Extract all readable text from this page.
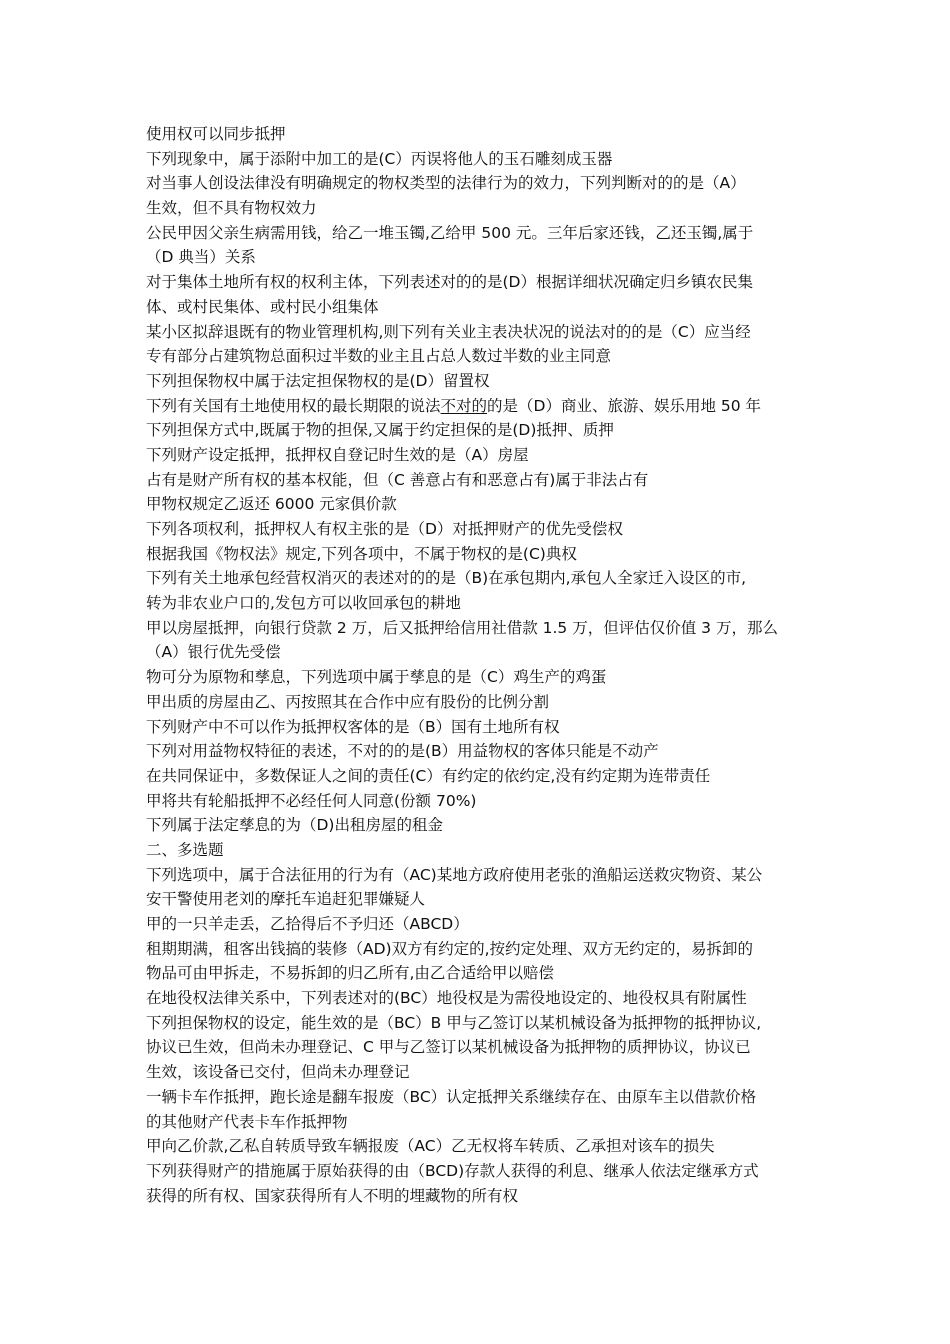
使用权可以同步抵押
下列现象中，属于添附中加工的是(C）丙误将他人的玉石雕刻成玉器
对当事人创设法律没有明确规定的物权类型的法律行为的效力，下列判断对的的是（A）
生效，但不具有物权效力
公民甲因父亲生病需用钱，给乙一堆玉镯,乙给甲 500 元。三年后家还钱，乙还玉镯,属于
（D 典当）关系
对于集体土地所有权的权利主体，下列表述对的的是(D）根据详细状况确定归乡镇农民集
体、或村民集体、或村民小组集体
某小区拟辞退既有的物业管理机构,则下列有关业主表决状况的说法对的的是（C）应当经
专有部分占建筑物总面积过半数的业主且占总人数过半数的业主同意
下列担保物权中属于法定担保物权的是(D）留置权
下列有关国有土地使用权的最长期限的说法不对的的是（D）商业、旅游、娱乐用地 50 年
下列担保方式中,既属于物的担保,又属于约定担保的是(D)抵押、质押
下列财产设定抵押，抵押权自登记时生效的是（A）房屋
占有是财产所有权的基本权能，但（C 善意占有和恶意占有)属于非法占有
甲物权规定乙返还 6000 元家俱价款
下列各项权利，抵押权人有权主张的是（D）对抵押财产的优先受偿权
根据我国《物权法》规定,下列各项中，不属于物权的是(C)典权
下列有关土地承包经营权消灭的表述对的的是（B)在承包期内,承包人全家迁入设区的市,
转为非农业户口的,发包方可以收回承包的耕地
甲以房屋抵押，向银行贷款 2 万，后又抵押给信用社借款 1.5 万，但评估仅价值 3 万，那么
（A）银行优先受偿
物可分为原物和孳息，下列选项中属于孳息的是（C）鸡生产的鸡蛋
甲出质的房屋由乙、丙按照其在合作中应有股份的比例分割
下列财产中不可以作为抵押权客体的是（B）国有土地所有权
下列对用益物权特征的表述，不对的的是(B）用益物权的客体只能是不动产
在共同保证中，多数保证人之间的责任(C）有约定的依约定,没有约定期为连带责任
甲将共有轮船抵押不必经任何人同意(份额 70%)
下列属于法定孳息的为（D)出租房屋的租金
二、多选题
下列选项中，属于合法征用的行为有（AC)某地方政府使用老张的渔船运送救灾物资、某公
安干警使用老刘的摩托车追赶犯罪嫌疑人
甲的一只羊走丢，乙拾得后不予归还（ABCD）
租期期满，租客出钱搞的装修（AD)双方有约定的,按约定处理、双方无约定的，易拆卸的
物品可由甲拆走，不易拆卸的归乙所有,由乙合适给甲以赔偿
在地役权法律关系中，下列表述对的(BC）地役权是为需役地设定的、地役权具有附属性
下列担保物权的设定，能生效的是（BC）B 甲与乙签订以某机械设备为抵押物的抵押协议,
协议已生效，但尚未办理登记、C 甲与乙签订以某机械设备为抵押物的质押协议，协议已
生效，该设备已交付，但尚未办理登记
一辆卡车作抵押，跑长途是翻车报废（BC）认定抵押关系继续存在、由原车主以借款价格
的其他财产代表卡车作抵押物
甲向乙价款,乙私自转质导致车辆报废（AC）乙无权将车转质、乙承担对该车的损失
下列获得财产的措施属于原始获得的由（BCD)存款人获得的利息、继承人依法定继承方式
获得的所有权、国家获得所有人不明的埋藏物的所有权
